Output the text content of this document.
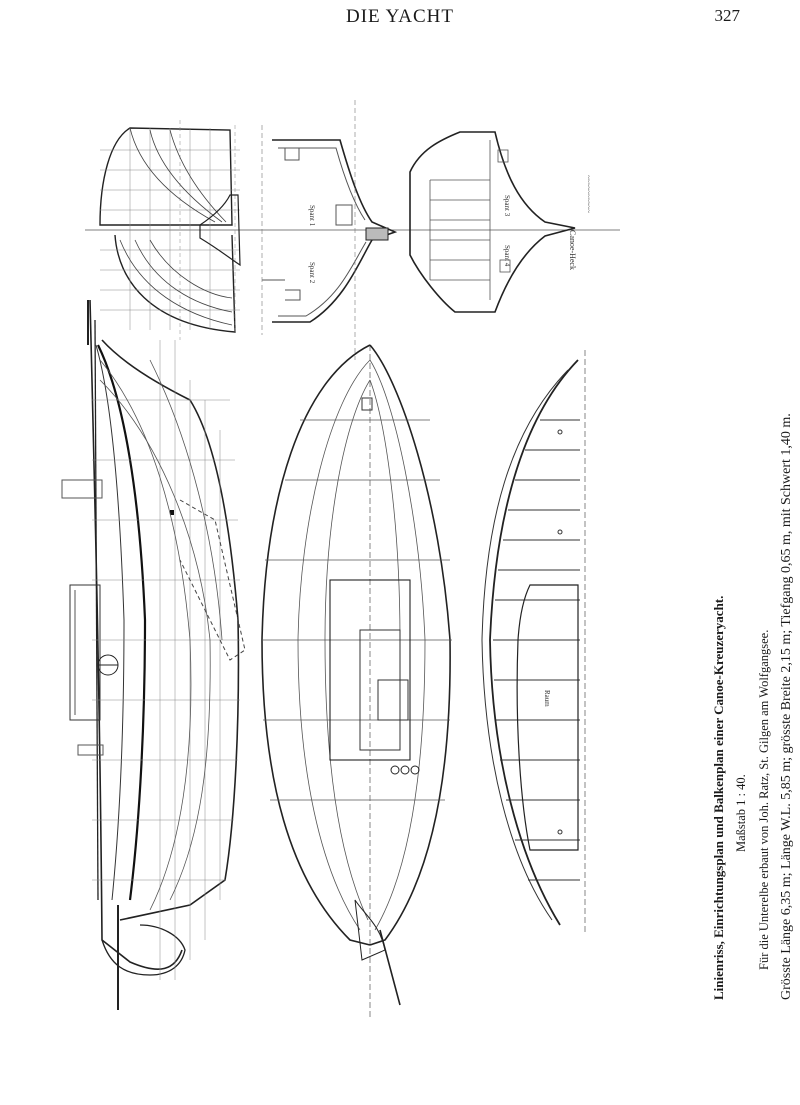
DIE YACHT	327
Spant 1
Spant 2
Spant 3
Spant 4	Canoe-Heck
~~~~~~~~~~
Raum	Linienriss, Einrichtungsplan und Balkenplan einer Canoe-Kreuzeryacht. Maßstab 1 : 40. Für die Unterelbe erbaut von Joh. Ratz, St. Gilgen am Wolfgangsee. Grösste Länge 6,35 m; Länge W.L. 5,85 m; grösste Breite 2,15 m; Tiefgang 0,65 m, mit Schwert 1,40 m.
